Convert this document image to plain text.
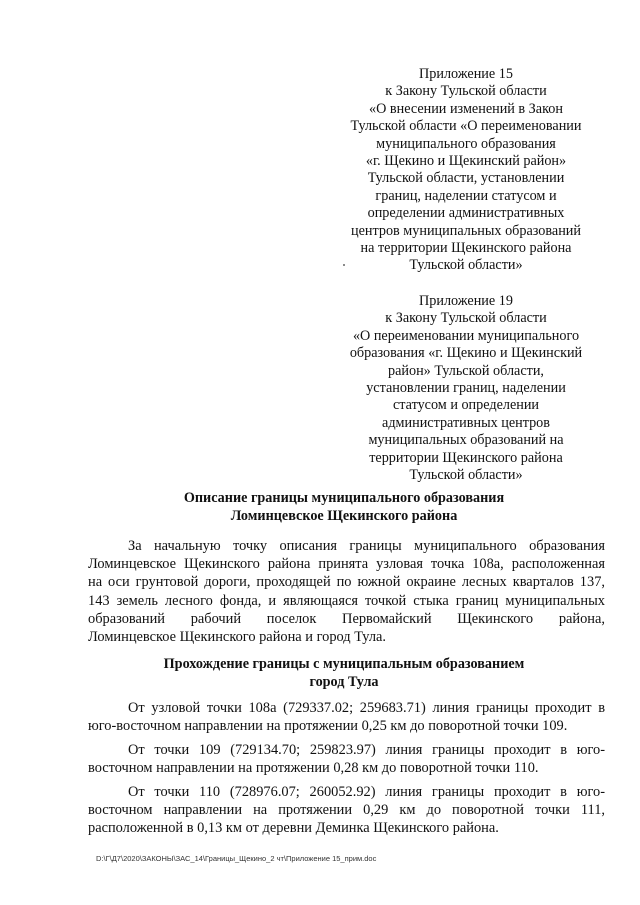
Приложение 15
к Закону Тульской области
«О внесении изменений в Закон
Тульской области «О переименовании
муниципального образования
«г. Щекино и Щекинский район»
Тульской области, установлении
границ, наделении статусом и
определении административных
центров муниципальных образований
на территории Щекинского района
Тульской области»
Приложение 19
к Закону Тульской области
«О переименовании муниципального
образования «г. Щекино и Щекинский
район» Тульской области,
установлении границ, наделении
статусом и определении
административных центров
муниципальных образований на
территории Щекинского района
Тульской области»
Описание границы муниципального образования
Ломинцевское Щекинского района
За начальную точку описания границы муниципального образования
Ломинцевское Щекинского района принята узловая точка 108а, расположенная
на оси грунтовой дороги, проходящей по южной окраине лесных кварталов 137,
143 земель лесного фонда, и являющаяся точкой стыка границ муниципальных
образований рабочий поселок Первомайский Щекинского района,
Ломинцевское Щекинского района и город Тула.
Прохождение границы с муниципальным образованием
город Тула
От узловой точки 108а (729337.02; 259683.71) линия границы проходит в
юго-восточном направлении на протяжении 0,25 км до поворотной точки 109.
От точки 109 (729134.70; 259823.97) линия границы проходит в юго-
восточном направлении на протяжении 0,28 км до поворотной точки 110.
От точки 110 (728976.07; 260052.92) линия границы проходит в юго-
восточном направлении на протяжении 0,29 км до поворотной точки 111,
расположенной в 0,13 км от деревни Деминка Щекинского района.
D:\Г\Д7\2020\ЗАКОНЫ\ЗАС_14\Границы_Щекино_2 чт\Приложение 15_прим.doc
